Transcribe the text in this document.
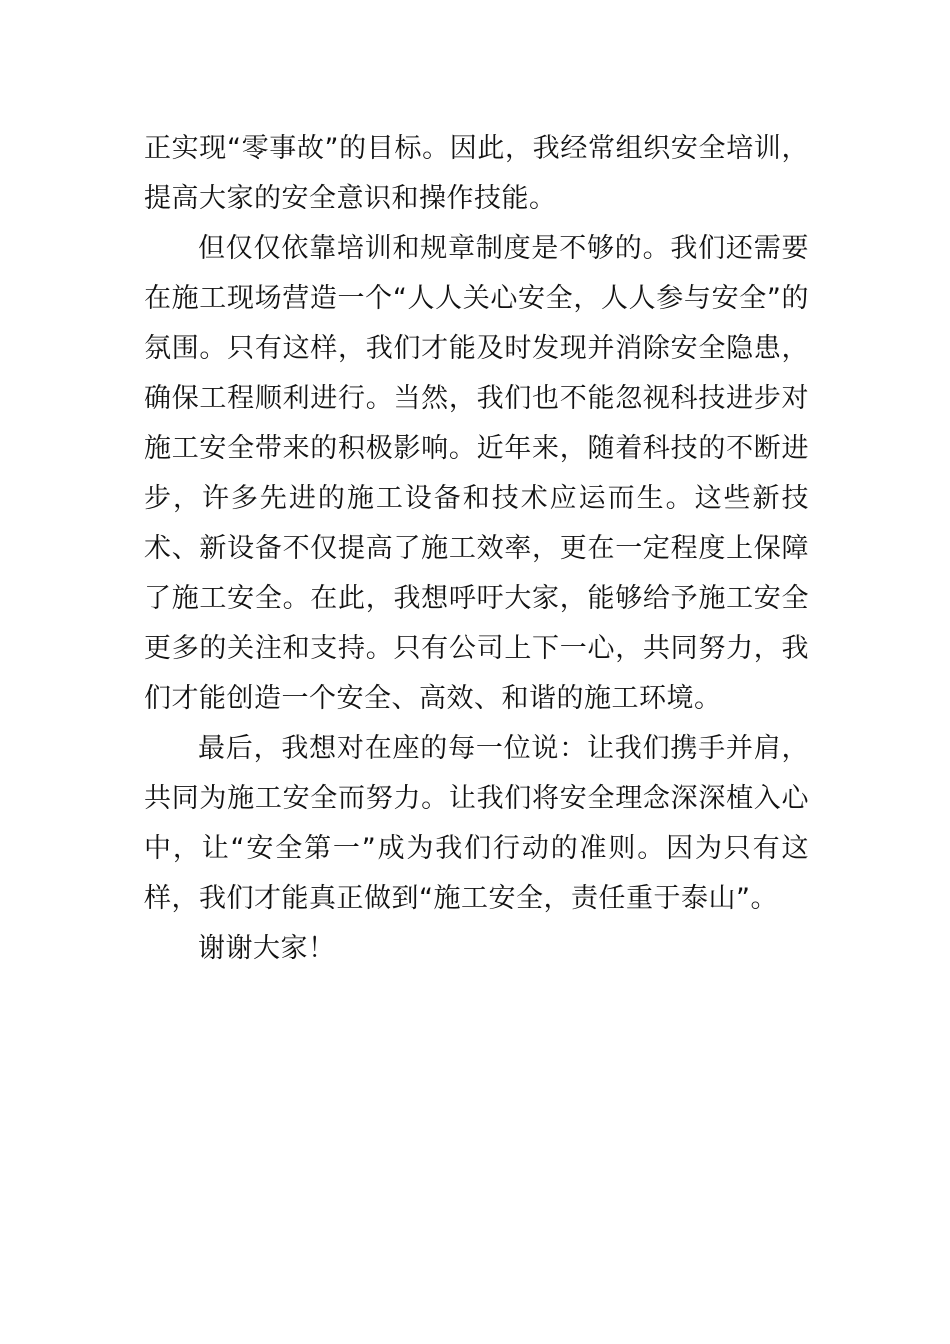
正实现“零事故”的目标。因此，我经常组织安全培训，提高大家的安全意识和操作技能。

但仅仅依靠培训和规章制度是不够的。我们还需要在施工现场营造一个“人人关心安全，人人参与安全”的氛围。只有这样，我们才能及时发现并消除安全隐患，确保工程顺利进行。当然，我们也不能忽视科技进步对施工安全带来的积极影响。近年来，随着科技的不断进步，许多先进的施工设备和技术应运而生。这些新技术、新设备不仅提高了施工效率，更在一定程度上保障了施工安全。在此，我想呼吁大家，能够给予施工安全更多的关注和支持。只有公司上下一心，共同努力，我们才能创造一个安全、高效、和谐的施工环境。

最后，我想对在座的每一位说：让我们携手并肩，共同为施工安全而努力。让我们将安全理念深深植入心中，让“安全第一”成为我们行动的准则。因为只有这样，我们才能真正做到“施工安全，责任重于泰山”。

谢谢大家！
